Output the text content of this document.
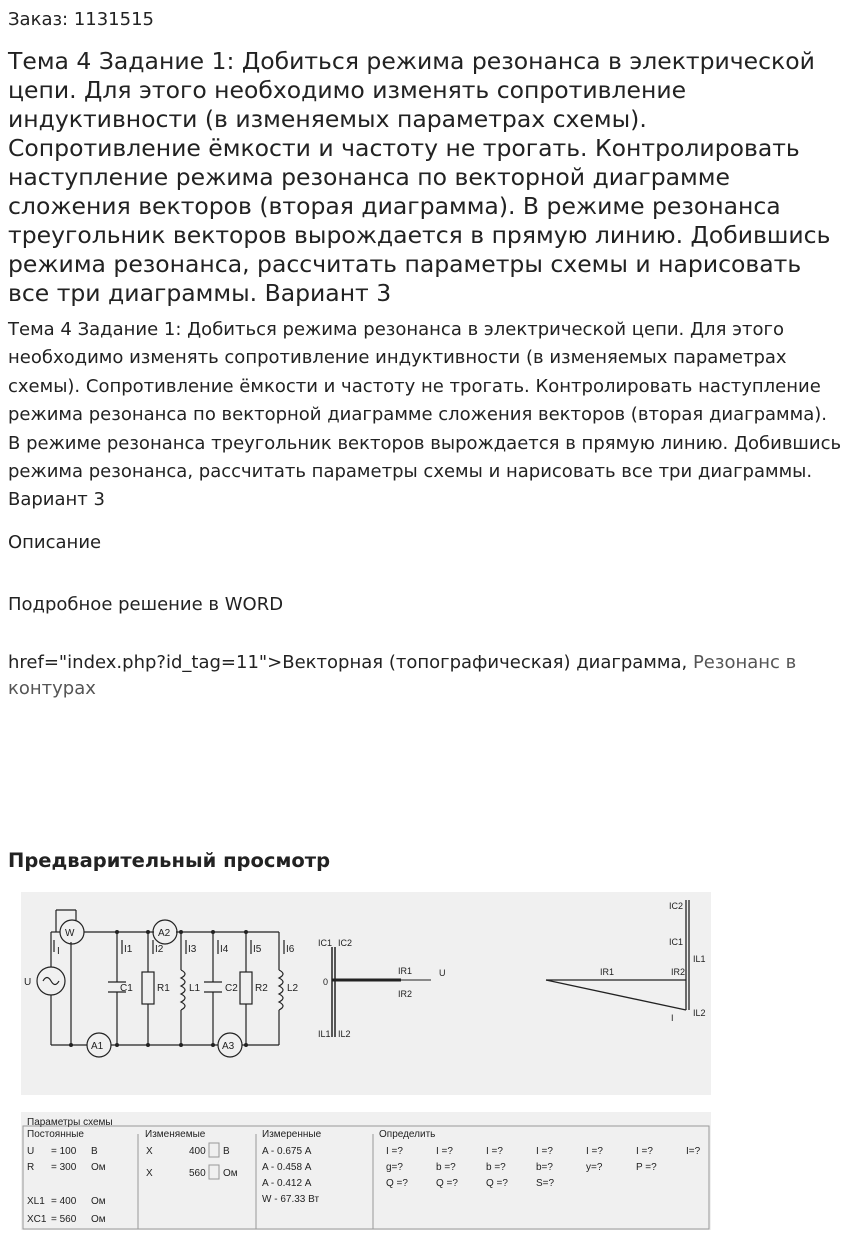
Заказ: 1131515
Тема 4 Задание 1: Добиться режима резонанса в электрической цепи. Для этого необходимо изменять сопротивление индуктивности (в изменяемых параметрах схемы). Сопротивление ёмкости и частоту не трогать. Контролировать наступление режима резонанса по векторной диаграмме сложения векторов (вторая диаграмма). В режиме резонанса треугольник векторов вырождается в прямую линию. Добившись режима резонанса, рассчитать параметры схемы и нарисовать все три диаграммы. Вариант 3
Тема 4 Задание 1: Добиться режима резонанса в электрической цепи. Для этого необходимо изменять сопротивление индуктивности (в изменяемых параметрах схемы). Сопротивление ёмкости и частоту не трогать. Контролировать наступление режима резонанса по векторной диаграмме сложения векторов (вторая диаграмма). В режиме резонанса треугольник векторов вырождается в прямую линию. Добившись режима резонанса, рассчитать параметры схемы и нарисовать все три диаграммы. Вариант 3
Описание
Подробное решение в WORD
href="index.php?id_tag=11">Векторная (топографическая) диаграмма, Резонанс в контурах
Предварительный просмотр
W	A2
A1	A3
U
I	I1 I2 I3 I4 I5 I6
C1 R1 L1 C2 R2 L2
IC1 IC2
0
IR1
IR2
U
IL1 IL2
IC2
IC1
IL1
IR1	IR2
I IL2
Параметры схемы
Постоянные
U = 100 В
R = 300 Ом
XL1 = 400 Ом
XC1 = 560 Ом
Изменяемые
X	400 В
X	560 Ом
Измеренные
A - 0.675 А
A - 0.458 А
A - 0.412 А
W - 67.33 Вт
Определить
I =?	I =?	I =?	I =?	I =?	I =?	I=?
g=?	b =?	b =?	b=?	y=?	P =?
Q =?	Q =?	Q =?	S=?
